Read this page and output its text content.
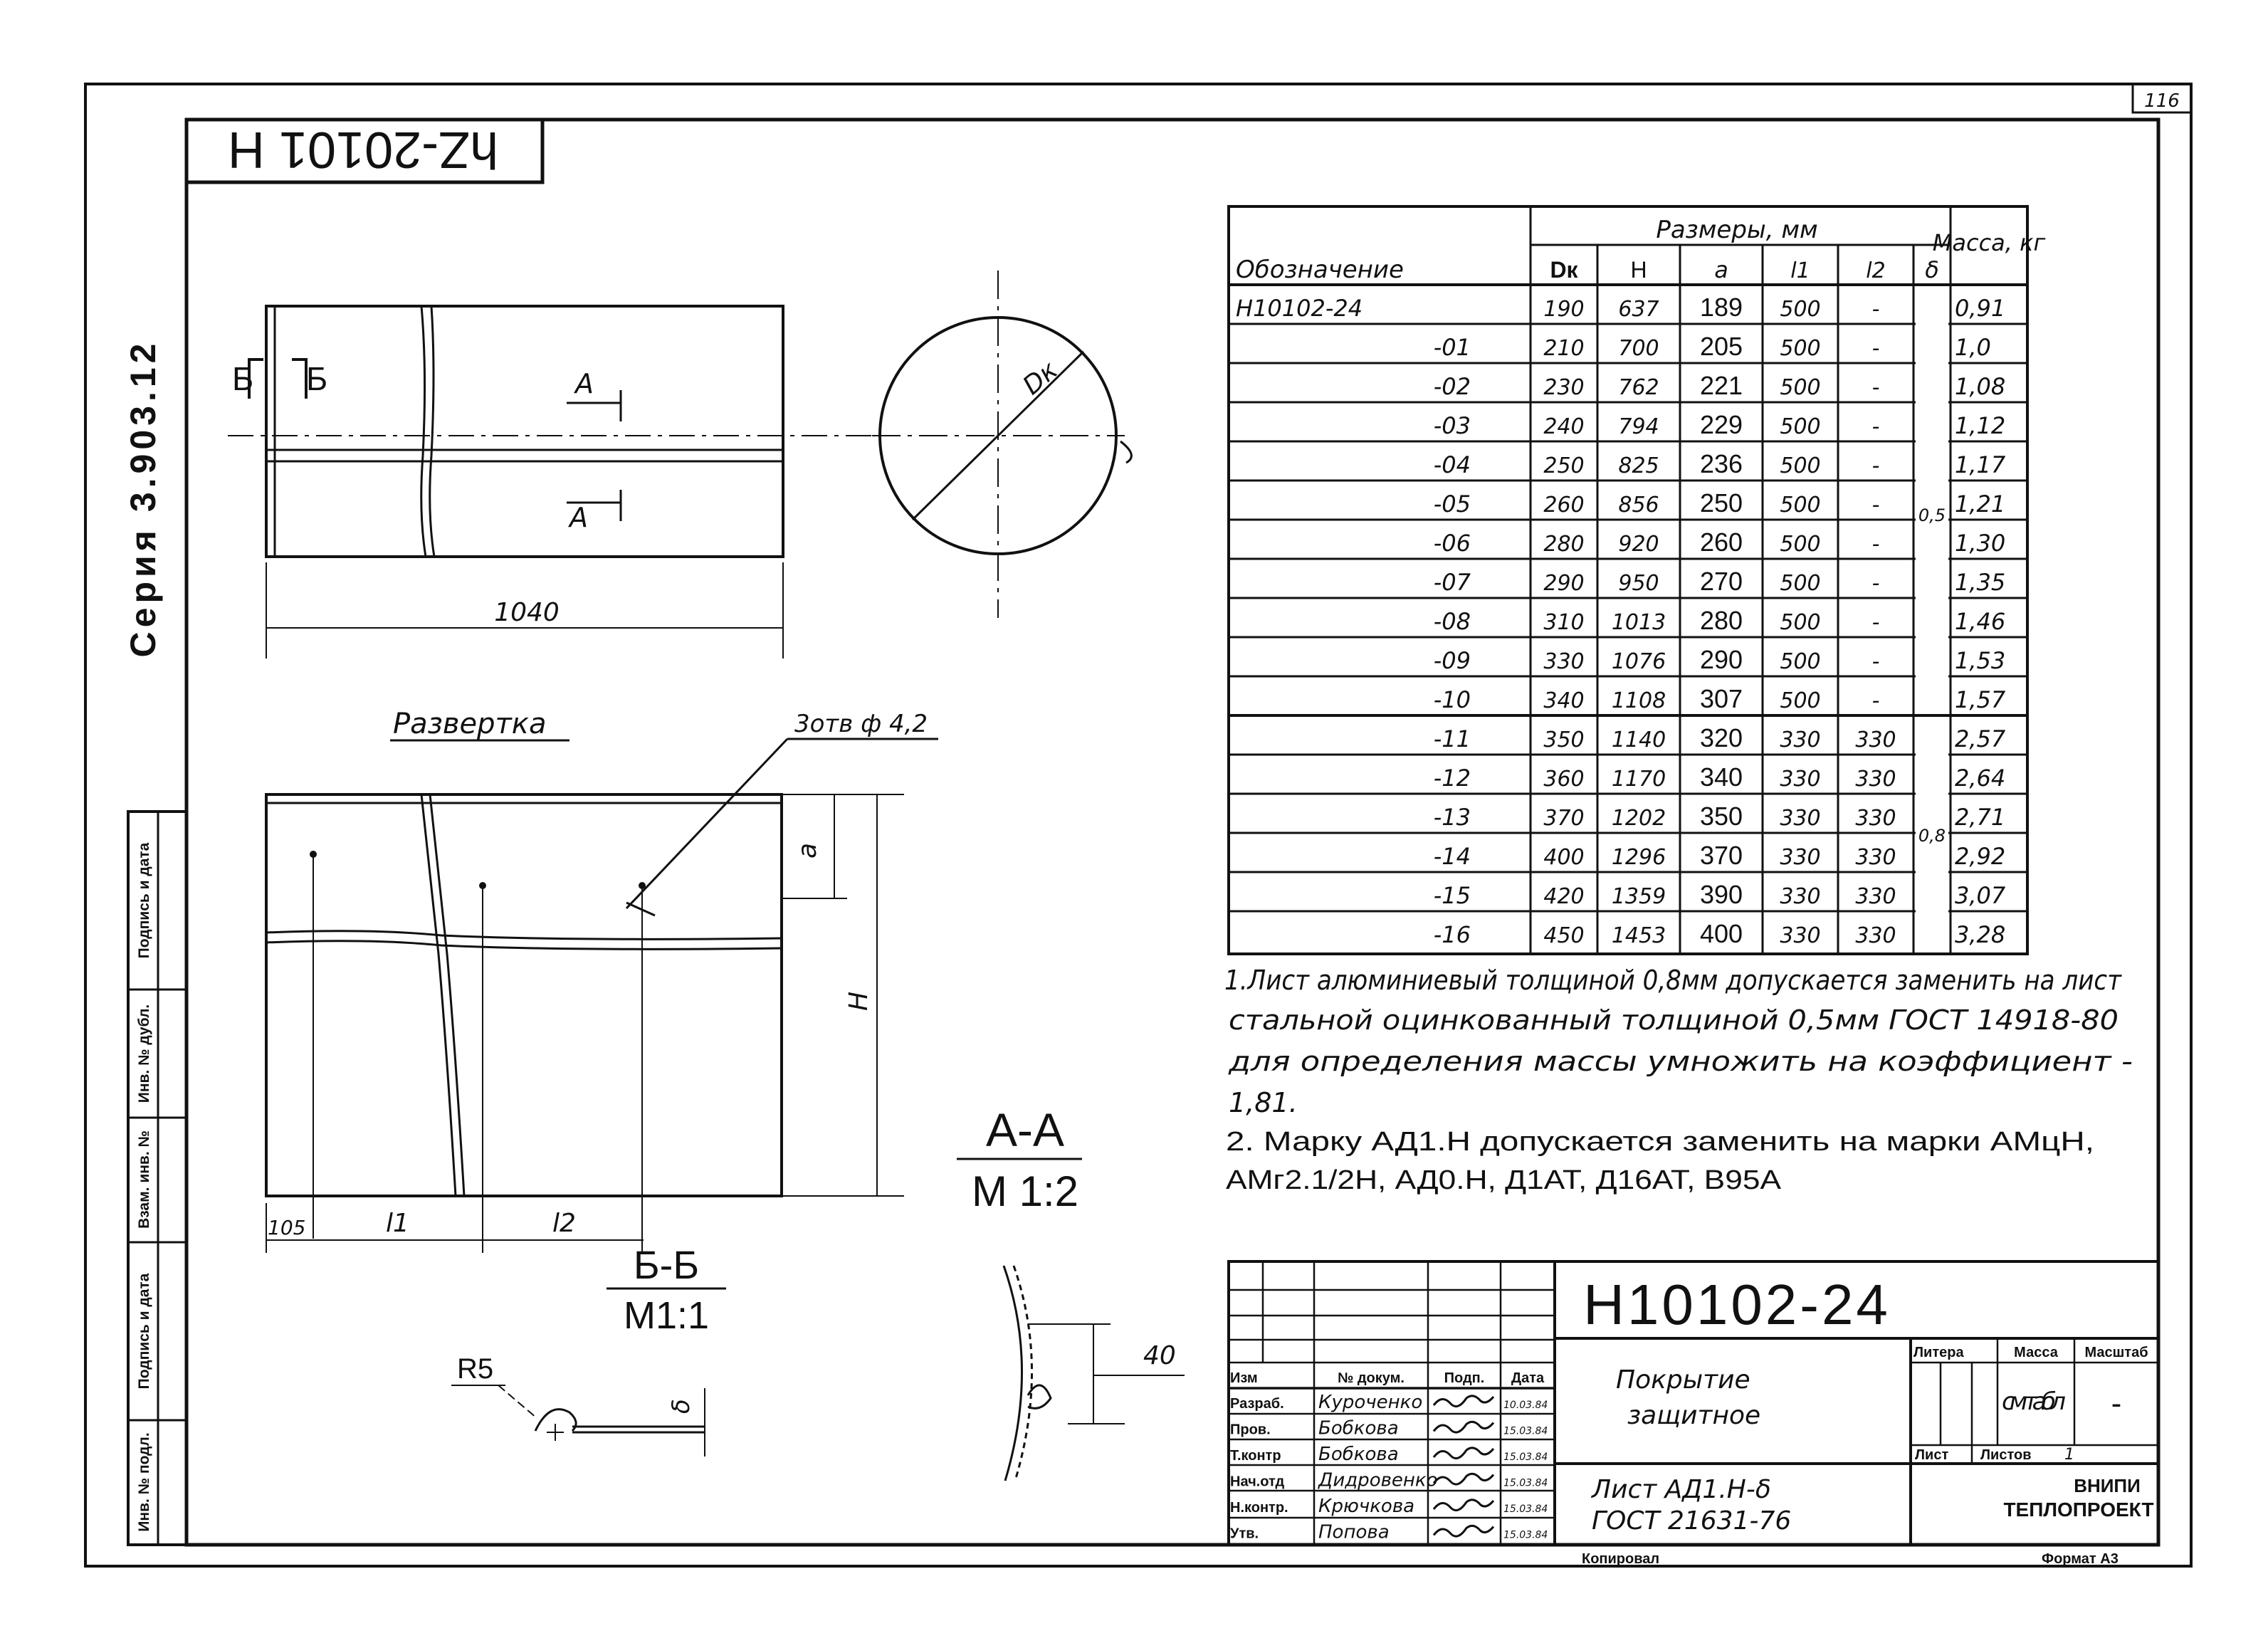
116
hZ-20101 H
Серия 3.903.12
Инв. № подл.
Подпись и дата
Взам. инв. №
Инв. № дубл.
Подпись и дата
Б Б	А
А
1040
Dк
Развертка	3отв ф 4,2
а
Н
105	l1	l2
А-А
М 1:2
Б-Б
М1:1
R5
δ
40
Обозначение
Размеры, мм	Масса, кг
Dк Н	а	l1	l2 δ
0,5
0,8
Н10102-24	190 637 189 500 -	0,91
-01	210 700 205 500 -	1,0
-02	230 762 221 500 -	1,08
-03	240 794 229 500 -	1,12
-04	250 825 236 500 -	1,17
-05	260 856 250 500 -	1,21
-06	280 920 260 500 -	1,30
-07	290 950 270 500 -	1,35
-08	310 1013 280 500 -	1,46
-09	330 1076 290 500 -	1,53
-10	340 1108 307 500 -	1,57
-11	350 1140 320 330 330	2,57
-12	360 1170 340 330 330	2,64
-13	370 1202 350 330 330	2,71
-14	400 1296 370 330 330	2,92
-15	420 1359 390 330 330	3,07
-16	450 1453 400 330 330	3,28
1.Лист алюминиевый толщиной 0,8мм допускается заменить на лист
стальной оцинкованный толщиной 0,5мм ГОСТ 14918-80
для определения массы умножить на коэффициент -
1,81.
2. Марку АД1.Н допускается заменить на марки АМцН,
АМг2.1/2Н, АД0.Н, Д1АТ, Д16АТ, В95А
Н10102-24
Покрытие
защитное
Лист АД1.Н-δ
ГОСТ 21631-76
Изм	№ докум.	Подп. Дата
Разраб. Куроченко	10.03.84
Пров.	Бобкова	15.03.84
Т.контр Бобкова	15.03.84
Нач.отд Дидровенко	15.03.84
Н.контр. Крючкова	15.03.84
Утв.	Попова	15.03.84
Литера	Масса Масштаб
см табл -
Лист Листов 1
ВНИПИ
ТЕПЛОПРОЕКТ
Копировал	Формат А3
